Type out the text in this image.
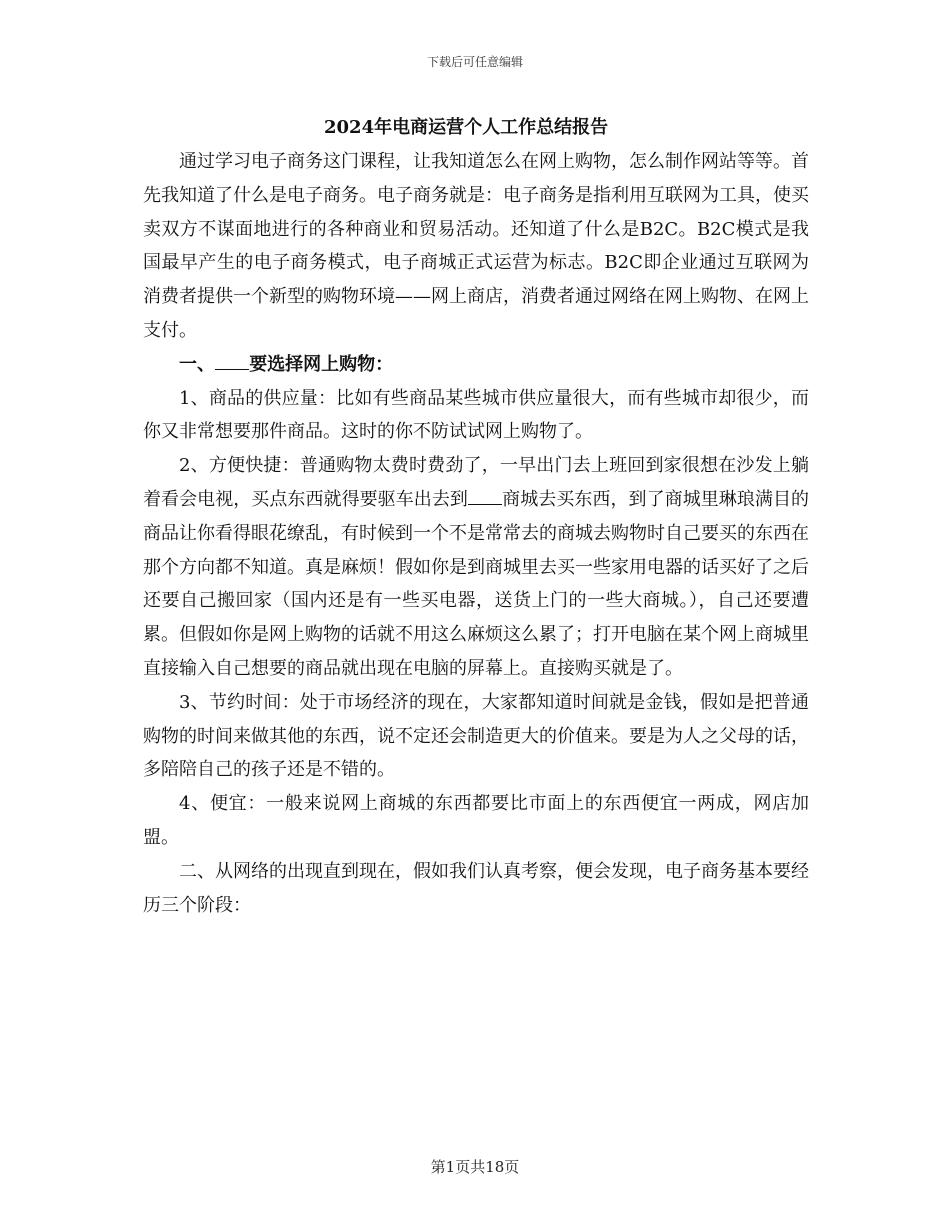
下载后可任意编辑

2024年电商运营个人工作总结报告

通过学习电子商务这门课程，让我知道怎么在网上购物，怎么制作网站等等。首先我知道了什么是电子商务。电子商务就是：电子商务是指利用互联网为工具，使买卖双方不谋面地进行的各种商业和贸易活动。还知道了什么是B2C。B2C模式是我国最早产生的电子商务模式，电子商城正式运营为标志。B2C即企业通过互联网为消费者提供一个新型的购物环境——网上商店，消费者通过网络在网上购物、在网上支付。

一、 要选择网上购物：

1、商品的供应量：比如有些商品某些城市供应量很大，而有些城市却很少，而你又非常想要那件商品。这时的你不防试试网上购物了。

2、方便快捷：普通购物太费时费劲了，一早出门去上班回到家很想在沙发上躺着看会电视，买点东西就得要驱车出去到 商城去买东西，到了商城里琳琅满目的商品让你看得眼花缭乱，有时候到一个不是常常去的商城去购物时自己要买的东西在那个方向都不知道。真是麻烦！假如你是到商城里去买一些家用电器的话买好了之后还要自己搬回家（国内还是有一些买电器，送货上门的一些大商城。），自己还要遭累。但假如你是网上购物的话就不用这么麻烦这么累了；打开电脑在某个网上商城里直接输入自己想要的商品就出现在电脑的屏幕上。直接购买就是了。

3、节约时间：处于市场经济的现在，大家都知道时间就是金钱，假如是把普通购物的时间来做其他的东西，说不定还会制造更大的价值来。要是为人之父母的话，多陪陪自己的孩子还是不错的。

4、便宜：一般来说网上商城的东西都要比市面上的东西便宜一两成，网店加盟。

二、从网络的出现直到现在，假如我们认真考察，便会发现，电子商务基本要经历三个阶段：

第1页共18页
